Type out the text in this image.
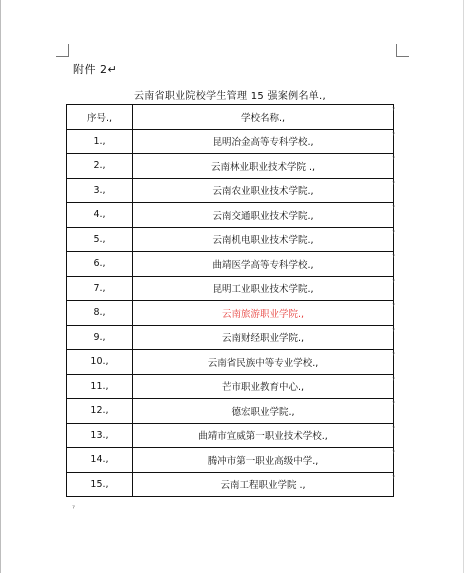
附件 2↵
云南省职业院校学生管理 15 强案例名单.,
序号.,	学校名称.,
1.,	昆明冶金高等专科学校.,
2.,	云南林业职业技术学院 .,
3.,	云南农业职业技术学院.,
4.,	云南交通职业技术学院.,
5.,	云南机电职业技术学院.,
6.,	曲靖医学高等专科学校.,
7.,	昆明工业职业技术学院.,
8.,	云南旅游职业学院.,
9.,	云南财经职业学院.,
10.,	云南省民族中等专业学校.,
11.,	芒市职业教育中心.,
12.,	德宏职业学院.,
13.,	曲靖市宣威第一职业技术学校.,
14.,	腾冲市第一职业高级中学.,
15.,	云南工程职业学院 .,
ˀ
ˀ
ˀ
ˀ
ˀ
ˀ
ˀ
ˀ
ˀ
ˀ
ˀ
ˀ
ˀ
ˀ
ˀ
ˀ
ˀ
